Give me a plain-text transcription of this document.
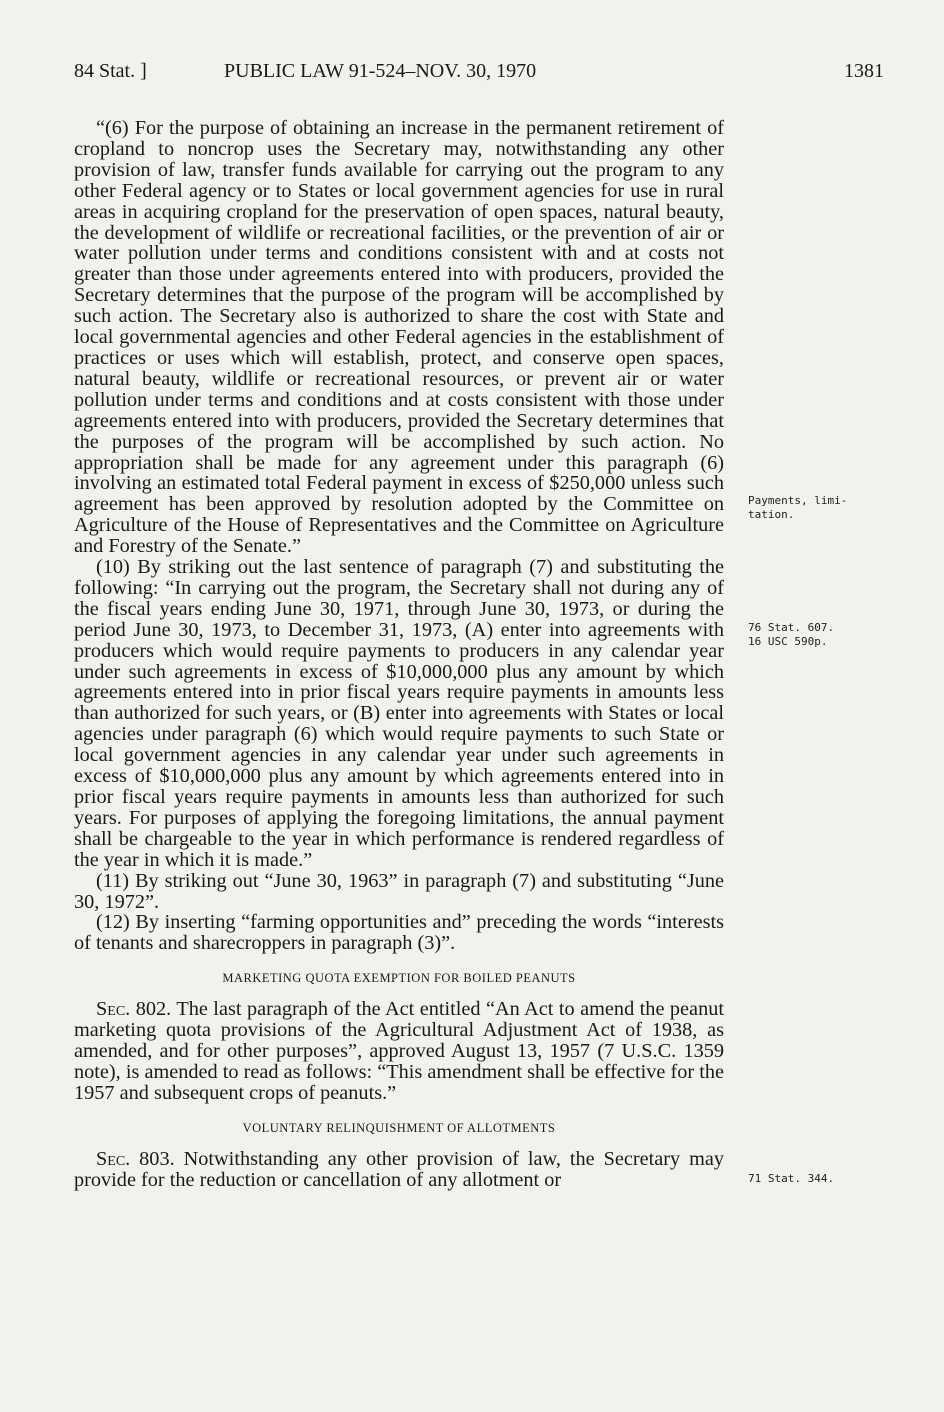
84 Stat. ]	PUBLIC LAW 91-524–NOV. 30, 1970	1381

“(6) For the purpose of obtaining an increase in the permanent retirement of cropland to noncrop uses the Secretary may, notwithstanding any other provision of law, transfer funds available for carrying out the program to any other Federal agency or to States or local government agencies for use in rural areas in acquiring cropland for the preservation of open spaces, natural beauty, the development of wildlife or recreational facilities, or the prevention of air or water pollution under terms and conditions consistent with and at costs not greater than those under agreements entered into with producers, provided the Secretary determines that the purpose of the program will be accomplished by such action. The Secretary also is authorized to share the cost with State and local governmental agencies and other Federal agencies in the establishment of practices or uses which will establish, protect, and conserve open spaces, natural beauty, wildlife or recreational resources, or prevent air or water pollution under terms and conditions and at costs consistent with those under agreements entered into with producers, provided the Secretary determines that the purposes of the program will be accomplished by such action. No appropriation shall be made for any agreement under this paragraph (6) involving an estimated total Federal payment in excess of $250,000 unless such agreement has been approved by resolution adopted by the Committee on Agriculture of the House of Representatives and the Committee on Agriculture and Forestry of the Senate.”

(10) By striking out the last sentence of paragraph (7) and substituting the following: “In carrying out the program, the Secretary shall not during any of the fiscal years ending June 30, 1971, through June 30, 1973, or during the period June 30, 1973, to December 31, 1973, (A) enter into agreements with producers which would require payments to producers in any calendar year under such agreements in excess of $10,000,000 plus any amount by which agreements entered into in prior fiscal years require payments in amounts less than authorized for such years, or (B) enter into agreements with States or local agencies under paragraph (6) which would require payments to such State or local government agencies in any calendar year under such agreements in excess of $10,000,000 plus any amount by which agreements entered into in prior fiscal years require payments in amounts less than authorized for such years. For purposes of applying the foregoing limitations, the annual payment shall be chargeable to the year in which performance is rendered regardless of the year in which it is made.”

(11) By striking out “June 30, 1963” in paragraph (7) and substituting “June 30, 1972”.

(12) By inserting “farming opportunities and” preceding the words “interests of tenants and sharecroppers in paragraph (3)”.

MARKETING QUOTA EXEMPTION FOR BOILED PEANUTS

Sec. 802. The last paragraph of the Act entitled “An Act to amend the peanut marketing quota provisions of the Agricultural Adjustment Act of 1938, as amended, and for other purposes”, approved August 13, 1957 (7 U.S.C. 1359 note), is amended to read as follows: “This amendment shall be effective for the 1957 and subsequent crops of peanuts.”

VOLUNTARY RELINQUISHMENT OF ALLOTMENTS

Sec. 803. Notwithstanding any other provision of law, the Secretary may provide for the reduction or cancellation of any allotment or

Payments, limi-
tation.
76 Stat. 607.
16 USC 590p.
71 Stat. 344.
